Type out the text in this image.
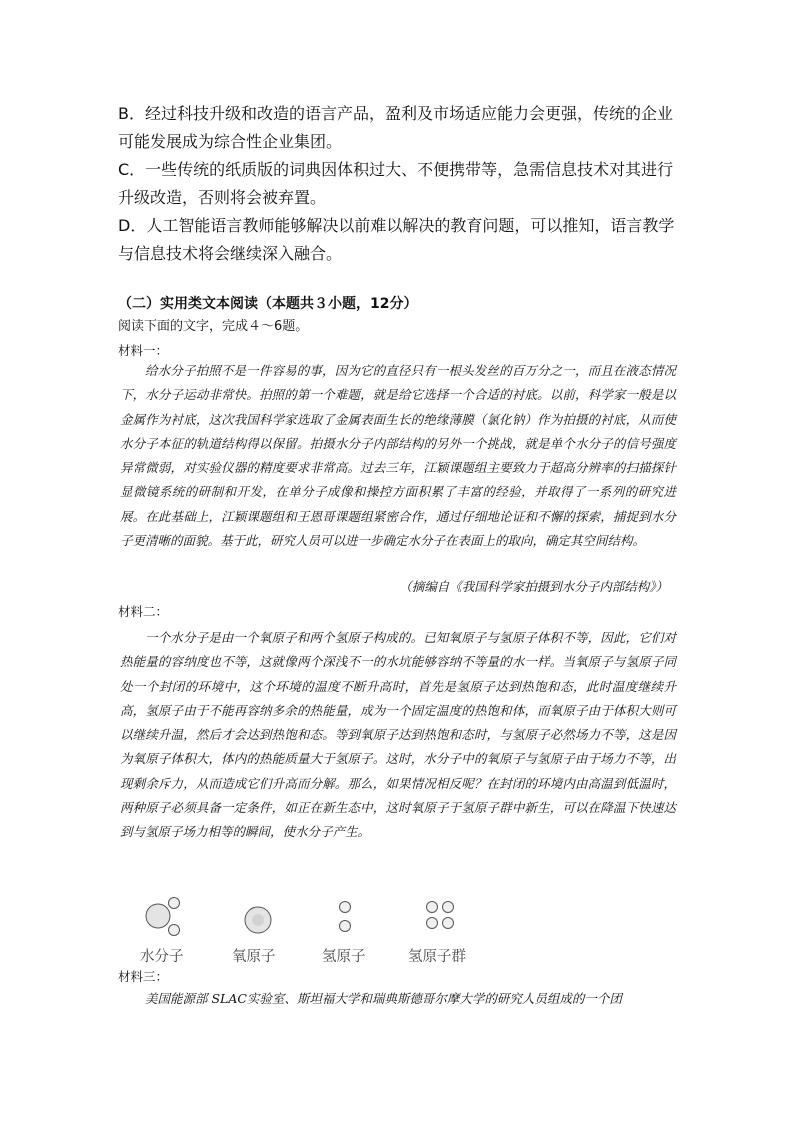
B．经过科技升级和改造的语言产品，盈利及市场适应能力会更强，传统的企业可能发展成为综合性企业集团。

C．一些传统的纸质版的词典因体积过大、不便携带等，急需信息技术对其进行升级改造，否则将会被弃置。

D．人工智能语言教师能够解决以前难以解决的教育问题，可以推知，语言教学与信息技术将会继续深入融合。

（二）实用类文本阅读（本题共３小题，12分）

阅读下面的文字，完成４～6题。

材料一：

给水分子拍照不是一件容易的事，因为它的直径只有一根头发丝的百万分之一，而且在液态情况下，水分子运动非常快。拍照的第一个难题，就是给它选择一个合适的衬底。以前，科学家一般是以金属作为衬底，这次我国科学家选取了金属表面生长的绝缘薄膜（氯化钠）作为拍摄的衬底，从而使水分子本征的轨道结构得以保留。拍摄水分子内部结构的另外一个挑战，就是单个水分子的信号强度异常微弱，对实验仪器的精度要求非常高。过去三年，江颖课题组主要致力于超高分辨率的扫描探针显微镜系统的研制和开发，在单分子成像和操控方面积累了丰富的经验，并取得了一系列的研究进展。在此基础上，江颖课题组和王恩哥课题组紧密合作，通过仔细地论证和不懈的探索，捕捉到水分子更清晰的面貌。基于此，研究人员可以进一步确定水分子在表面上的取向，确定其空间结构。

（摘编自《我国科学家拍摄到水分子内部结构》）

材料二：

一个水分子是由一个氧原子和两个氢原子构成的。已知氧原子与氢原子体积不等，因此，它们对热能量的容纳度也不等，这就像两个深浅不一的水坑能够容纳不等量的水一样。当氧原子与氢原子同处一个封闭的环境中，这个环境的温度不断升高时，首先是氢原子达到热饱和态，此时温度继续升高，氢原子由于不能再容纳多余的热能量，成为一个固定温度的热饱和体，而氧原子由于体积大则可以继续升温，然后才会达到热饱和态。等到氧原子达到热饱和态时，与氢原子必然场力不等，这是因为氧原子体积大，体内的热能质量大于氢原子。这时，水分子中的氧原子与氢原子由于场力不等，出现剩余斥力，从而造成它们升高而分解。那么，如果情况相反呢？在封闭的环境内由高温到低温时，两种原子必须具备一定条件，如正在新生态中，这时氧原子于氢原子群中新生，可以在降温下快速达到与氢原子场力相等的瞬间，使水分子产生。

水分子	氧原子	氢原子	氢原子群

材料三：

美国能源部 SLAC实验室、斯坦福大学和瑞典斯德哥尔摩大学的研究人员组成的一个团
